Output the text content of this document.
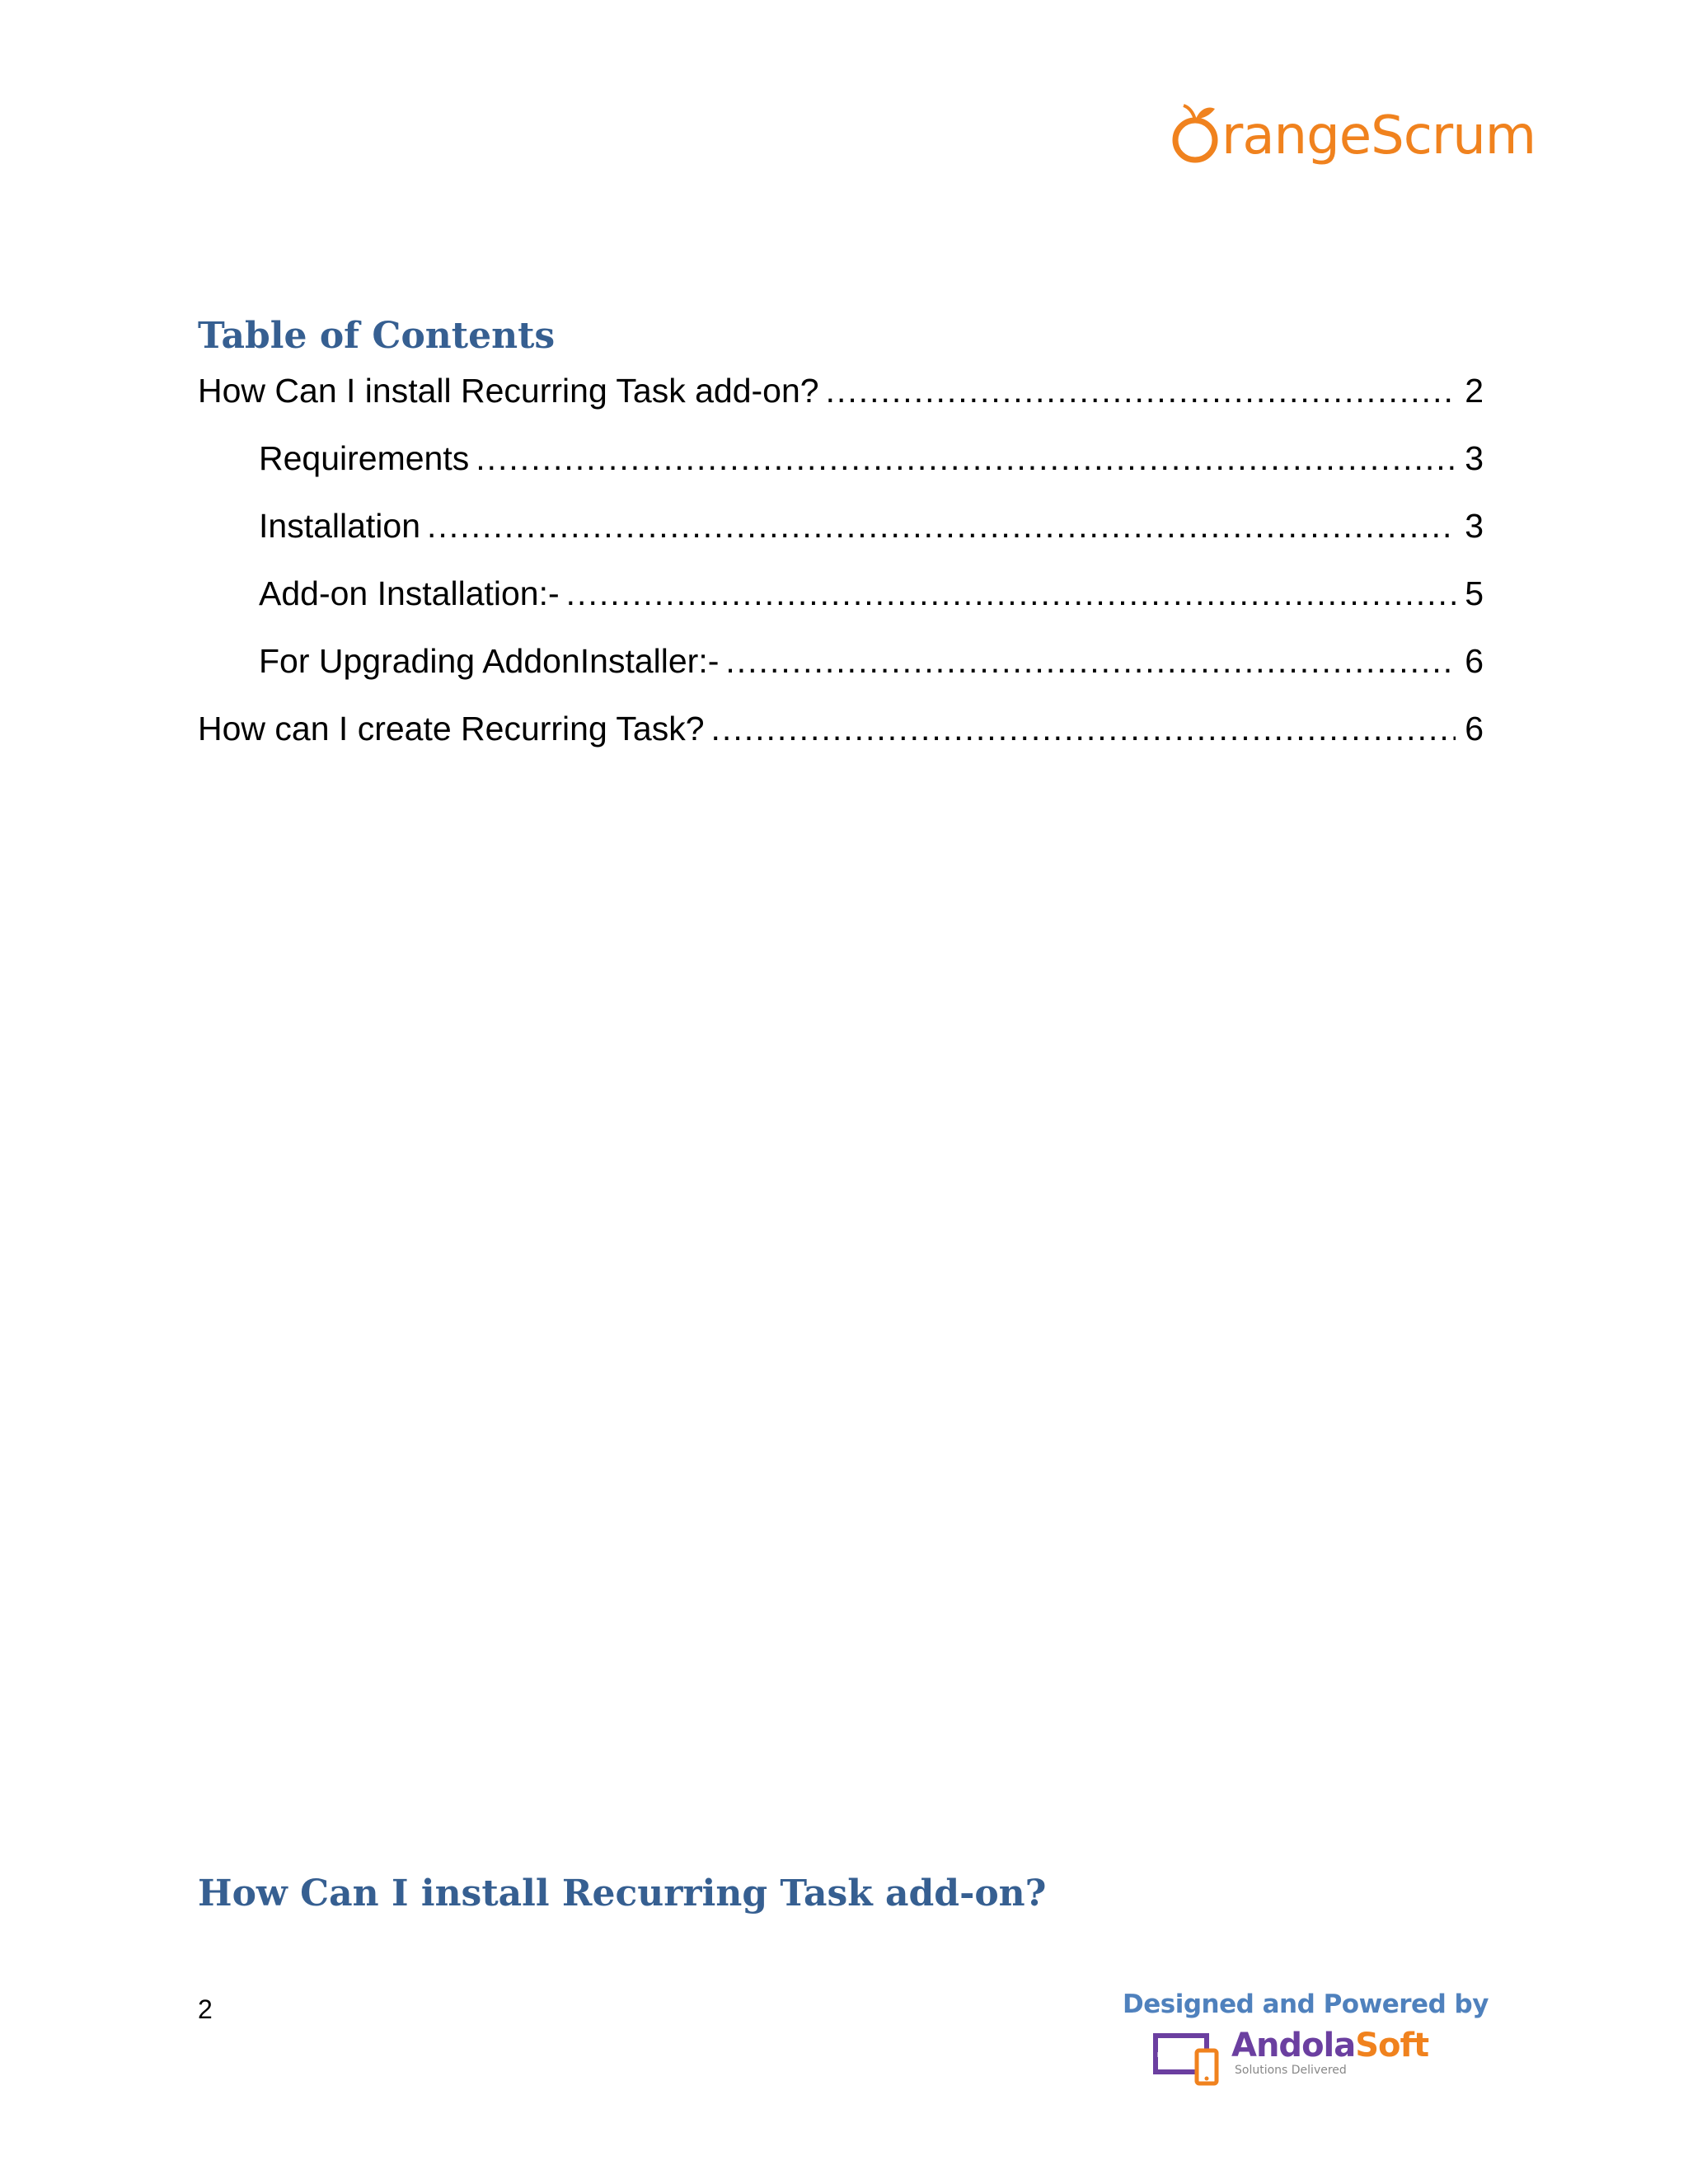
rangeScrum
Table of Contents
How Can I install Recurring Task add-on? .....	2
Requirements .....	3
Installation .....	3
Add-on Installation:- .....	5
For Upgrading AddonInstaller:- .....	6
How can I create Recurring Task? .....	6
How Can I install Recurring Task add-on?
2	Designed and Powered by
AndolaSoft
Solutions Delivered
